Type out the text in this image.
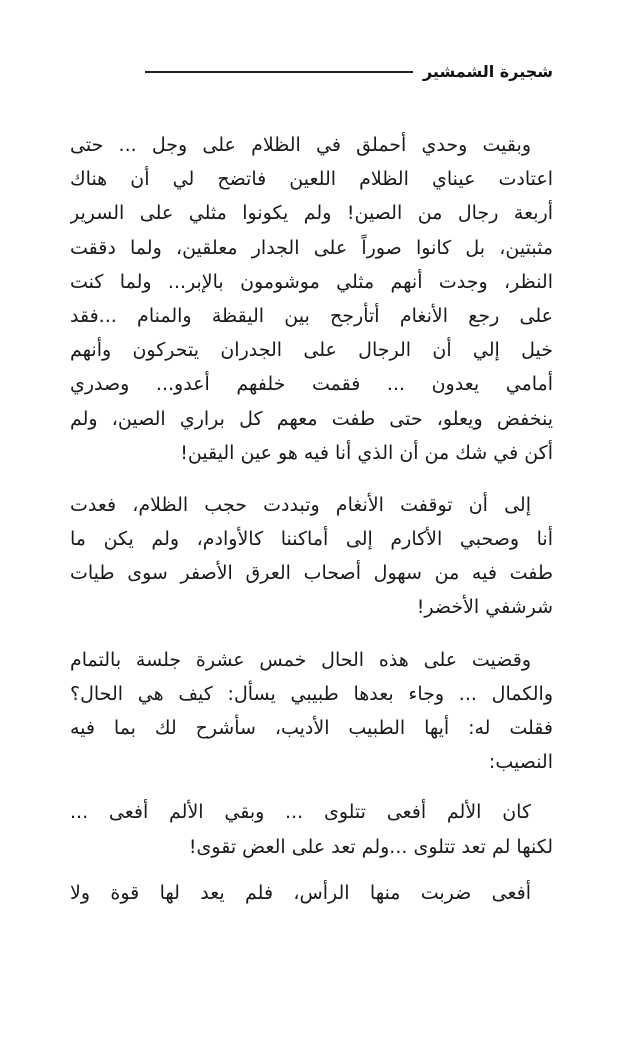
شجيرة الشمشير
وبقيت وحدي أحملق في الظلام على وجل ... حتى
اعتادت عيناي الظلام اللعين فاتضح لي أن هناك
أربعة رجال من الصين! ولم يكونوا مثلي على السرير
مثبتين، بل كانوا صوراً على الجدار معلقين، ولما دققت
النظر، وجدت أنهم مثلي موشومون بالإبر... ولما كنت
على رجع الأنغام أتأرجح بين اليقظة والمنام ...فقد
خيل إلي أن الرجال على الجدران يتحركون وأنهم
أمامي يعدون ... فقمت خلفهم أعدو... وصدري
ينخفض ويعلو، حتى طفت معهم كل براري الصين، ولم
أكن في شك من أن الذي أنا فيه هو عين اليقين!
إلى أن توقفت الأنغام وتبددت حجب الظلام، فعدت
أنا وصحبي الأكارم إلى أماكننا كالأوادم، ولم يكن ما
طفت فيه من سهول أصحاب العرق الأصفر سوى طيات
شرشفي الأخضر!
وقضيت على هذه الحال خمس عشرة جلسة بالتمام
والكمال ... وجاء بعدها طبيبي يسأل: كيف هي الحال؟
فقلت له: أيها الطبيب الأديب، سأشرح لك بما فيه
النصيب:
كان الألم أفعى تتلوى ... وبقي الألم أفعى ...
لكنها لم تعد تتلوى ...ولم تعد على العض تقوى!
أفعى ضربت منها الرأس، فلم يعد لها قوة ولا
